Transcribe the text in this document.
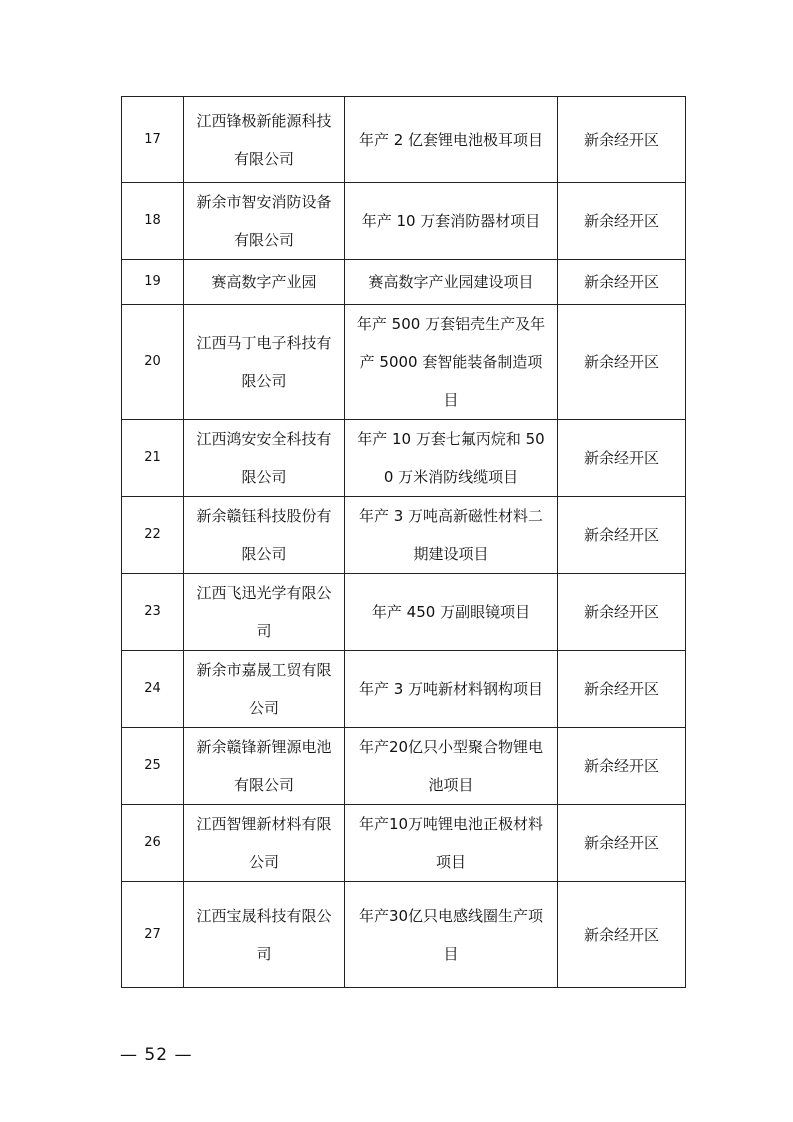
17	江西锋极新能源科技有限公司	年产 2 亿套锂电池极耳项目	新余经开区
18	新余市智安消防设备有限公司	年产 10 万套消防器材项目	新余经开区
19	赛高数字产业园	赛高数字产业园建设项目	新余经开区
20	江西马丁电子科技有限公司	年产 500 万套铝壳生产及年产 5000 套智能装备制造项目	新余经开区
21	江西鸿安安全科技有限公司	年产 10 万套七氟丙烷和 500 万米消防线缆项目	新余经开区
22	新余赣钰科技股份有限公司	年产 3 万吨高新磁性材料二期建设项目	新余经开区
23	江西飞迅光学有限公司	年产 450 万副眼镜项目	新余经开区
24	新余市嘉晟工贸有限公司	年产 3 万吨新材料钢构项目	新余经开区
25	新余赣锋新锂源电池有限公司	年产20亿只小型聚合物锂电池项目	新余经开区
26	江西智锂新材料有限公司	年产10万吨锂电池正极材料项目	新余经开区
27	江西宝晟科技有限公司	年产30亿只电感线圈生产项目	新余经开区
— 52 —
